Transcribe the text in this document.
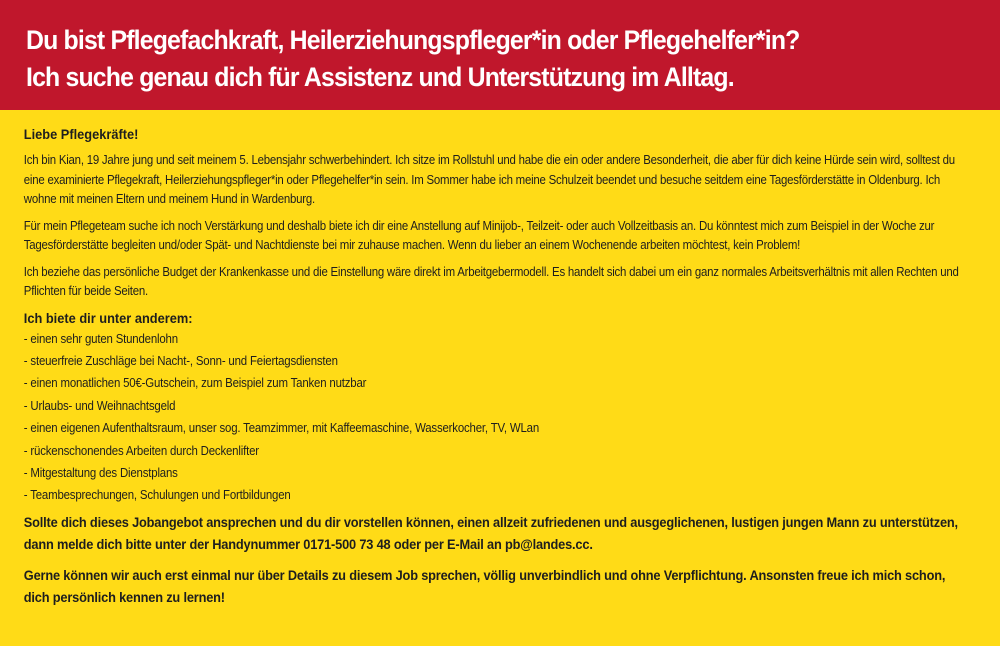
Du bist Pflegefachkraft, Heilerziehungspfleger*in oder Pflegehelfer*in?
Ich suche genau dich für Assistenz und Unterstützung im Alltag.

Liebe Pflegekräfte!

Ich bin Kian, 19 Jahre jung und seit meinem 5. Lebensjahr schwerbehindert. Ich sitze im Rollstuhl und habe die ein oder andere Besonderheit, die aber für dich keine Hürde sein wird, solltest du eine examinierte Pflegekraft, Heilerziehungspfleger*in oder Pflegehelfer*in sein. Im Sommer habe ich meine Schulzeit beendet und besuche seitdem eine Tagesförderstätte in Oldenburg. Ich wohne mit meinen Eltern und meinem Hund in Wardenburg.

Für mein Pflegeteam suche ich noch Verstärkung und deshalb biete ich dir eine Anstellung auf Minijob-, Teilzeit- oder auch Vollzeitbasis an. Du könntest mich zum Beispiel in der Woche zur Tagesförderstätte begleiten und/oder Spät- und Nachtdienste bei mir zuhause machen. Wenn du lieber an einem Wochenende arbeiten möchtest, kein Problem!

Ich beziehe das persönliche Budget der Krankenkasse und die Einstellung wäre direkt im Arbeitgebermodell. Es handelt sich dabei um ein ganz normales Arbeitsverhältnis mit allen Rechten und Pflichten für beide Seiten.

Ich biete dir unter anderem:

- einen sehr guten Stundenlohn
- steuerfreie Zuschläge bei Nacht-, Sonn- und Feiertagsdiensten
- einen monatlichen 50€-Gutschein, zum Beispiel zum Tanken nutzbar
- Urlaubs- und Weihnachtsgeld
- einen eigenen Aufenthaltsraum, unser sog. Teamzimmer, mit Kaffeemaschine, Wasserkocher, TV, WLan
- rückenschonendes Arbeiten durch Deckenlifter
- Mitgestaltung des Dienstplans
- Teambesprechungen, Schulungen und Fortbildungen

Sollte dich dieses Jobangebot ansprechen und du dir vorstellen können, einen allzeit zufriedenen und ausgeglichenen, lustigen jungen Mann zu unterstützen, dann melde dich bitte unter der Handynummer 0171-500 73 48 oder per E-Mail an pb@landes.cc.

Gerne können wir auch erst einmal nur über Details zu diesem Job sprechen, völlig unverbindlich und ohne Verpflichtung. Ansonsten freue ich mich schon, dich persönlich kennen zu lernen!
